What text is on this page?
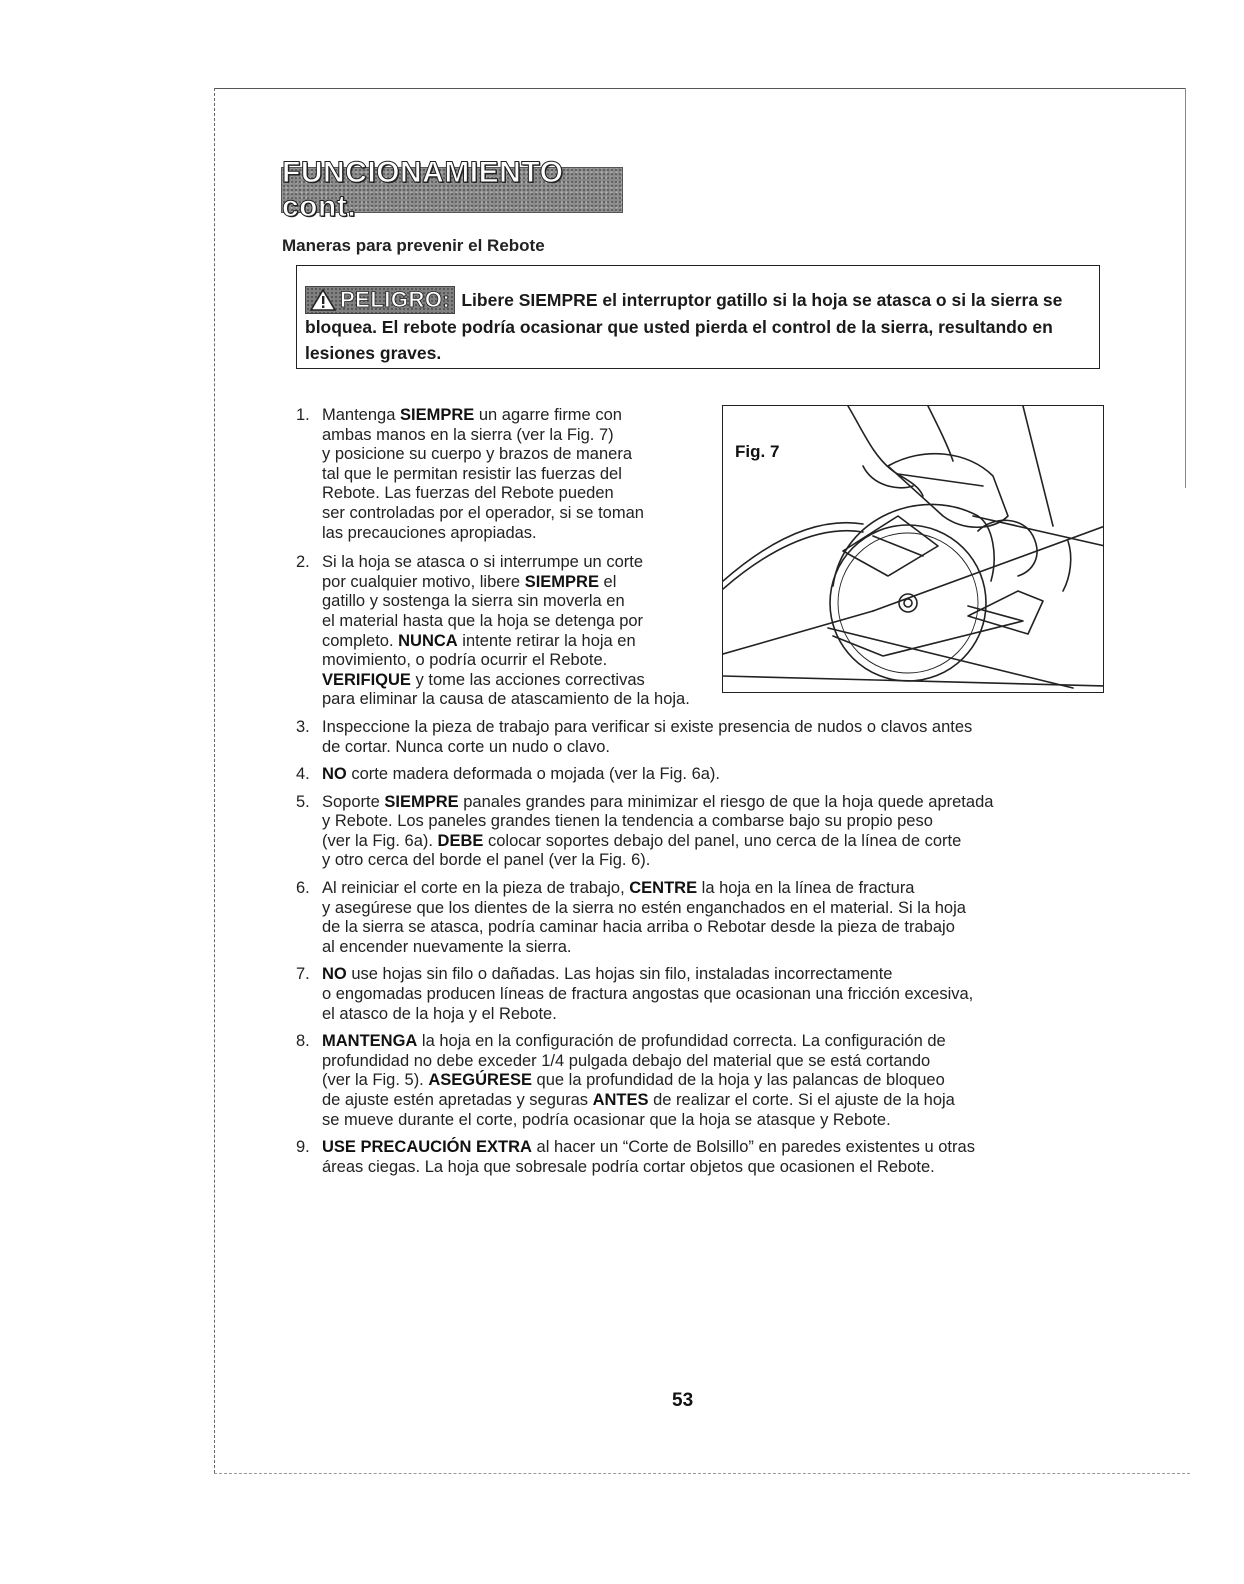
FUNCIONAMIENTO cont.
Maneras para prevenir el Rebote
PELIGRO: Libere SIEMPRE el interruptor gatillo si la hoja se atasca o si la sierra se bloquea. El rebote podría ocasionar que usted pierda el control de la sierra, resultando en lesiones graves.
1. Mantenga SIEMPRE un agarre firme con
ambas manos en la sierra (ver la Fig. 7)
y posicione su cuerpo y brazos de manera
tal que le permitan resistir las fuerzas del
Rebote. Las fuerzas del Rebote pueden
ser controladas por el operador, si se toman
las precauciones apropiadas.
2. Si la hoja se atasca o si interrumpe un corte
por cualquier motivo, libere SIEMPRE el
gatillo y sostenga la sierra sin moverla en
el material hasta que la hoja se detenga por
completo. NUNCA intente retirar la hoja en
movimiento, o podría ocurrir el Rebote.
VERIFIQUE y tome las acciones correctivas
para eliminar la causa de atascamiento de la hoja.
3. Inspeccione la pieza de trabajo para verificar si existe presencia de nudos o clavos antes
de cortar. Nunca corte un nudo o clavo.
4. NO corte madera deformada o mojada (ver la Fig. 6a).
5. Soporte SIEMPRE panales grandes para minimizar el riesgo de que la hoja quede apretada
y Rebote. Los paneles grandes tienen la tendencia a combarse bajo su propio peso
(ver la Fig. 6a). DEBE colocar soportes debajo del panel, uno cerca de la línea de corte
y otro cerca del borde el panel (ver la Fig. 6).
6. Al reiniciar el corte en la pieza de trabajo, CENTRE la hoja en la línea de fractura
y asegúrese que los dientes de la sierra no estén enganchados en el material. Si la hoja
de la sierra se atasca, podría caminar hacia arriba o Rebotar desde la pieza de trabajo
al encender nuevamente la sierra.
7. NO use hojas sin filo o dañadas. Las hojas sin filo, instaladas incorrectamente
o engomadas producen líneas de fractura angostas que ocasionan una fricción excesiva,
el atasco de la hoja y el Rebote.
8. MANTENGA la hoja en la configuración de profundidad correcta. La configuración de
profundidad no debe exceder 1/4 pulgada debajo del material que se está cortando
(ver la Fig. 5). ASEGÚRESE que la profundidad de la hoja y las palancas de bloqueo
de ajuste estén apretadas y seguras ANTES de realizar el corte. Si el ajuste de la hoja
se mueve durante el corte, podría ocasionar que la hoja se atasque y Rebote.
9. USE PRECAUCIÓN EXTRA al hacer un “Corte de Bolsillo” en paredes existentes u otras
áreas ciegas. La hoja que sobresale podría cortar objetos que ocasionen el Rebote.
Fig. 7
53
